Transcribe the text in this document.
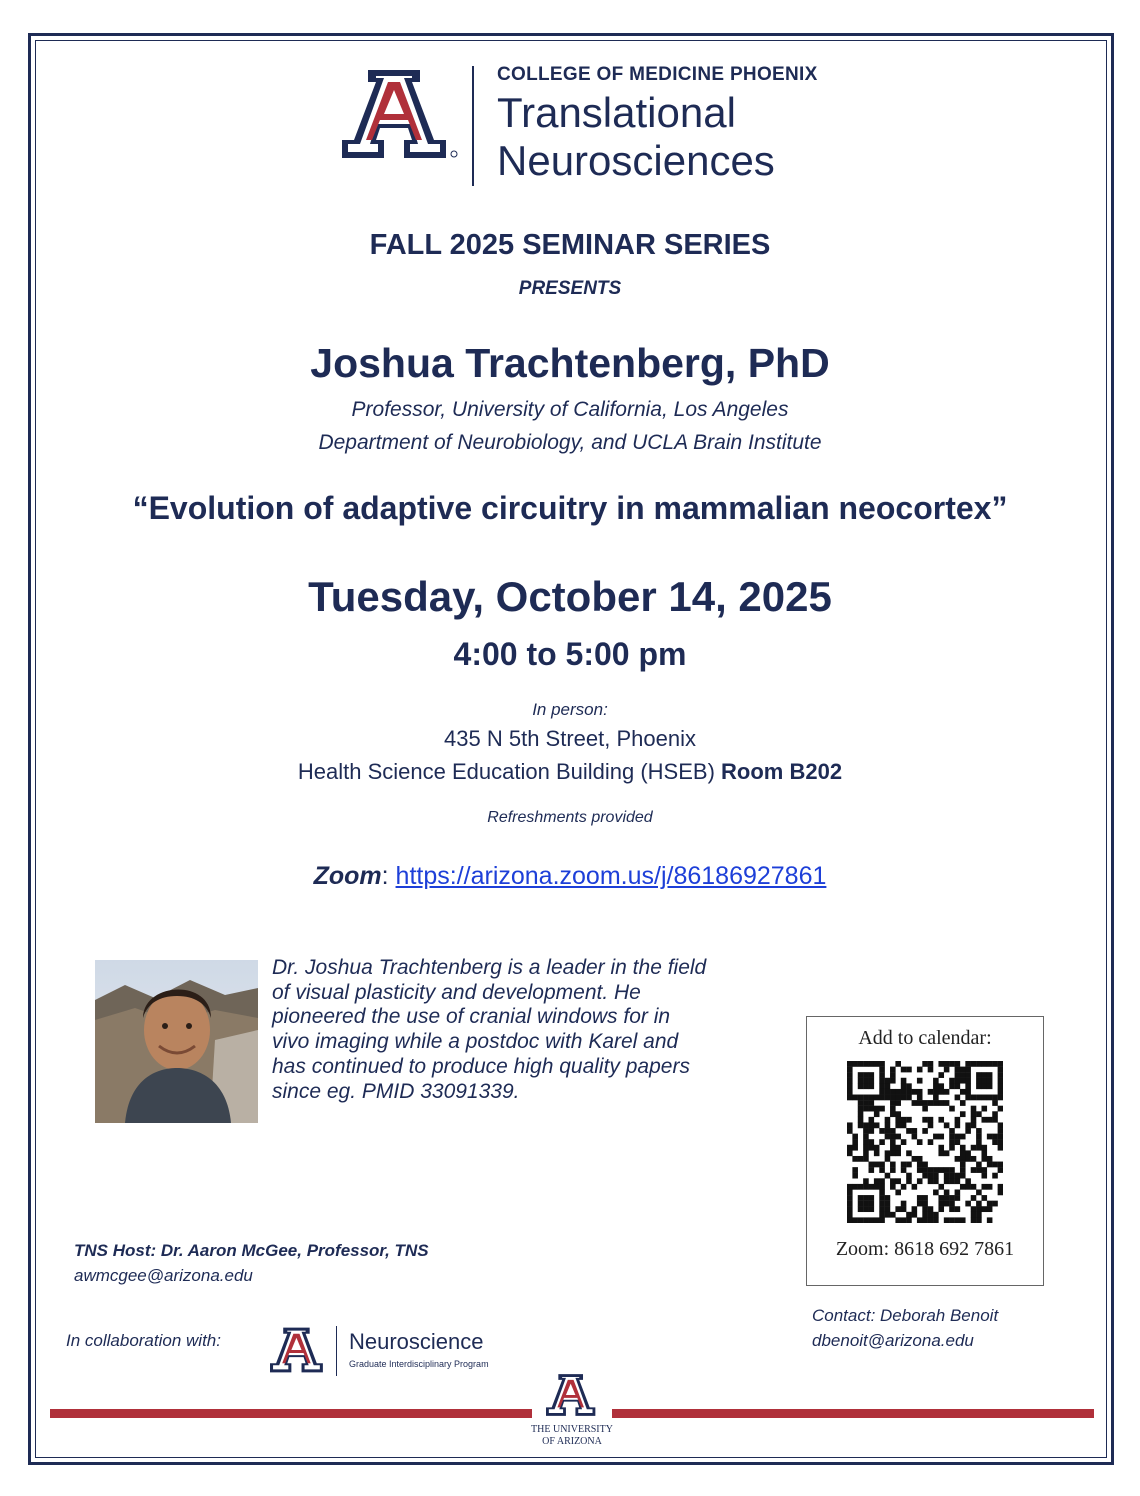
COLLEGE OF MEDICINE PHOENIX
Translational
Neurosciences
FALL 2025 SEMINAR SERIES
PRESENTS
Joshua Trachtenberg, PhD
Professor, University of California, Los Angeles
Department of Neurobiology, and UCLA Brain Institute
“Evolution of adaptive circuitry in mammalian neocortex”
Tuesday, October 14, 2025
4:00 to 5:00 pm
In person:
435 N 5th Street, Phoenix
Health Science Education Building (HSEB) Room B202
Refreshments provided
Zoom: https://arizona.zoom.us/j/86186927861
Dr. Joshua Trachtenberg is a leader in the field of visual plasticity and development. He pioneered the use of cranial windows for in vivo imaging while a postdoc with Karel and has continued to produce high quality papers since eg. PMID 33091339.
Add to calendar:
Zoom: 8618 692 7861
TNS Host: Dr. Aaron McGee, Professor, TNS
awmcgee@arizona.edu
In collaboration with:	Neuroscience
Graduate Interdisciplinary Program
Contact: Deborah Benoit
dbenoit@arizona.edu
THE UNIVERSITY
OF ARIZONA
